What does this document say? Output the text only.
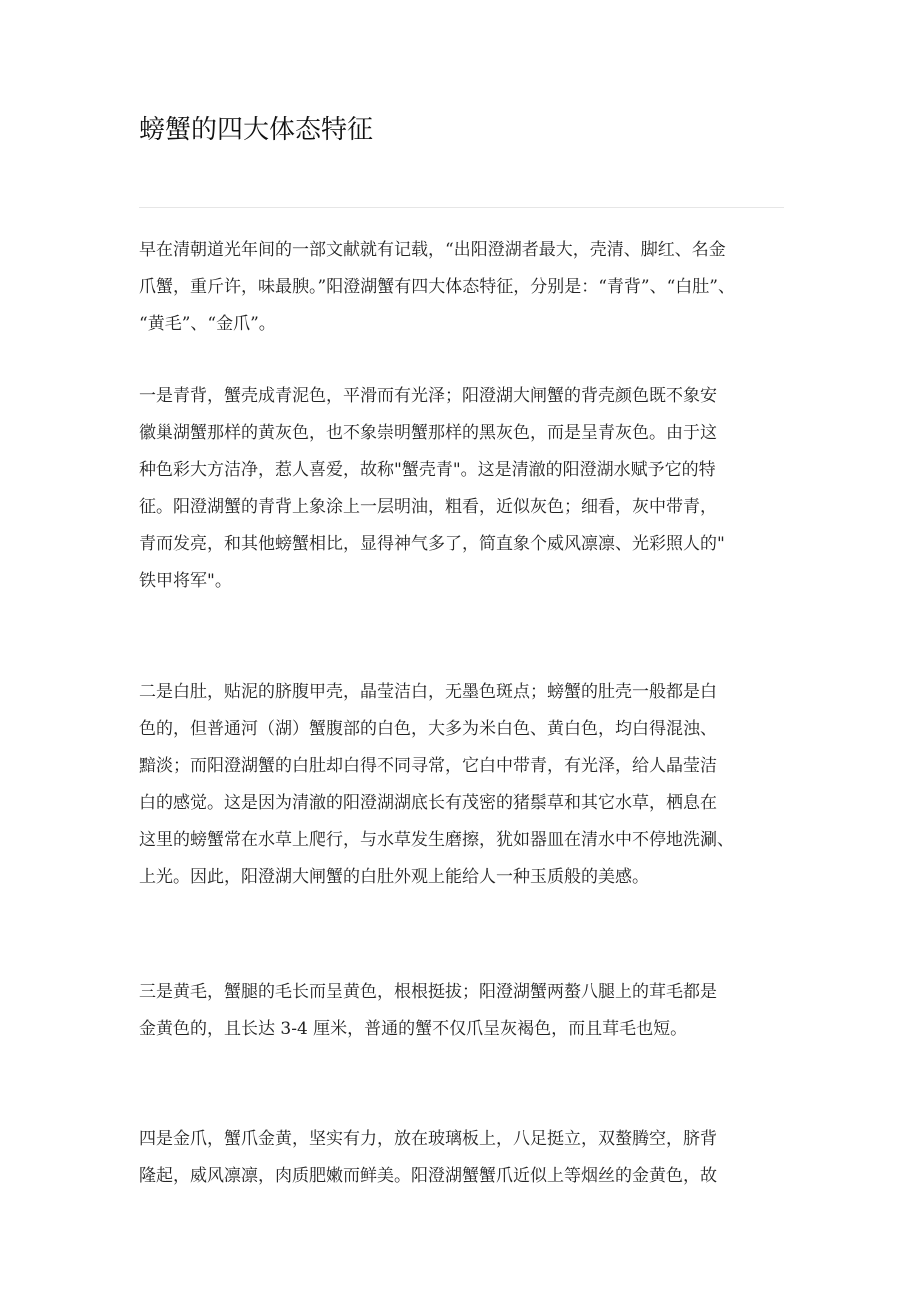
螃蟹的四大体态特征
早在清朝道光年间的一部文献就有记载，“出阳澄湖者最大，壳清、脚红、名金
爪蟹，重斤许，味最腴。”阳澄湖蟹有四大体态特征，分别是：“青背”、“白肚”、
“黄毛”、“金爪”。
一是青背，蟹壳成青泥色，平滑而有光泽；阳澄湖大闸蟹的背壳颜色既不象安
徽巢湖蟹那样的黄灰色，也不象崇明蟹那样的黑灰色，而是呈青灰色。由于这
种色彩大方洁净，惹人喜爱，故称"蟹壳青"。这是清澈的阳澄湖水赋予它的特
征。阳澄湖蟹的青背上象涂上一层明油，粗看，近似灰色；细看，灰中带青，
青而发亮，和其他螃蟹相比，显得神气多了，简直象个威风凛凛、光彩照人的"
铁甲将军"。
二是白肚，贴泥的脐腹甲壳，晶莹洁白，无墨色斑点；螃蟹的肚壳一般都是白
色的，但普通河（湖）蟹腹部的白色，大多为米白色、黄白色，均白得混浊、
黯淡；而阳澄湖蟹的白肚却白得不同寻常，它白中带青，有光泽，给人晶莹洁
白的感觉。这是因为清澈的阳澄湖湖底长有茂密的猪鬃草和其它水草，栖息在
这里的螃蟹常在水草上爬行，与水草发生磨擦，犹如器皿在清水中不停地洗涮、
上光。因此，阳澄湖大闸蟹的白肚外观上能给人一种玉质般的美感。
三是黄毛，蟹腿的毛长而呈黄色，根根挺拔；阳澄湖蟹两螯八腿上的茸毛都是
金黄色的，且长达 3-4 厘米，普通的蟹不仅爪呈灰褐色，而且茸毛也短。
四是金爪，蟹爪金黄，坚实有力，放在玻璃板上，八足挺立，双螯腾空，脐背
隆起，威风凛凛，肉质肥嫩而鲜美。阳澄湖蟹蟹爪近似上等烟丝的金黄色，故
